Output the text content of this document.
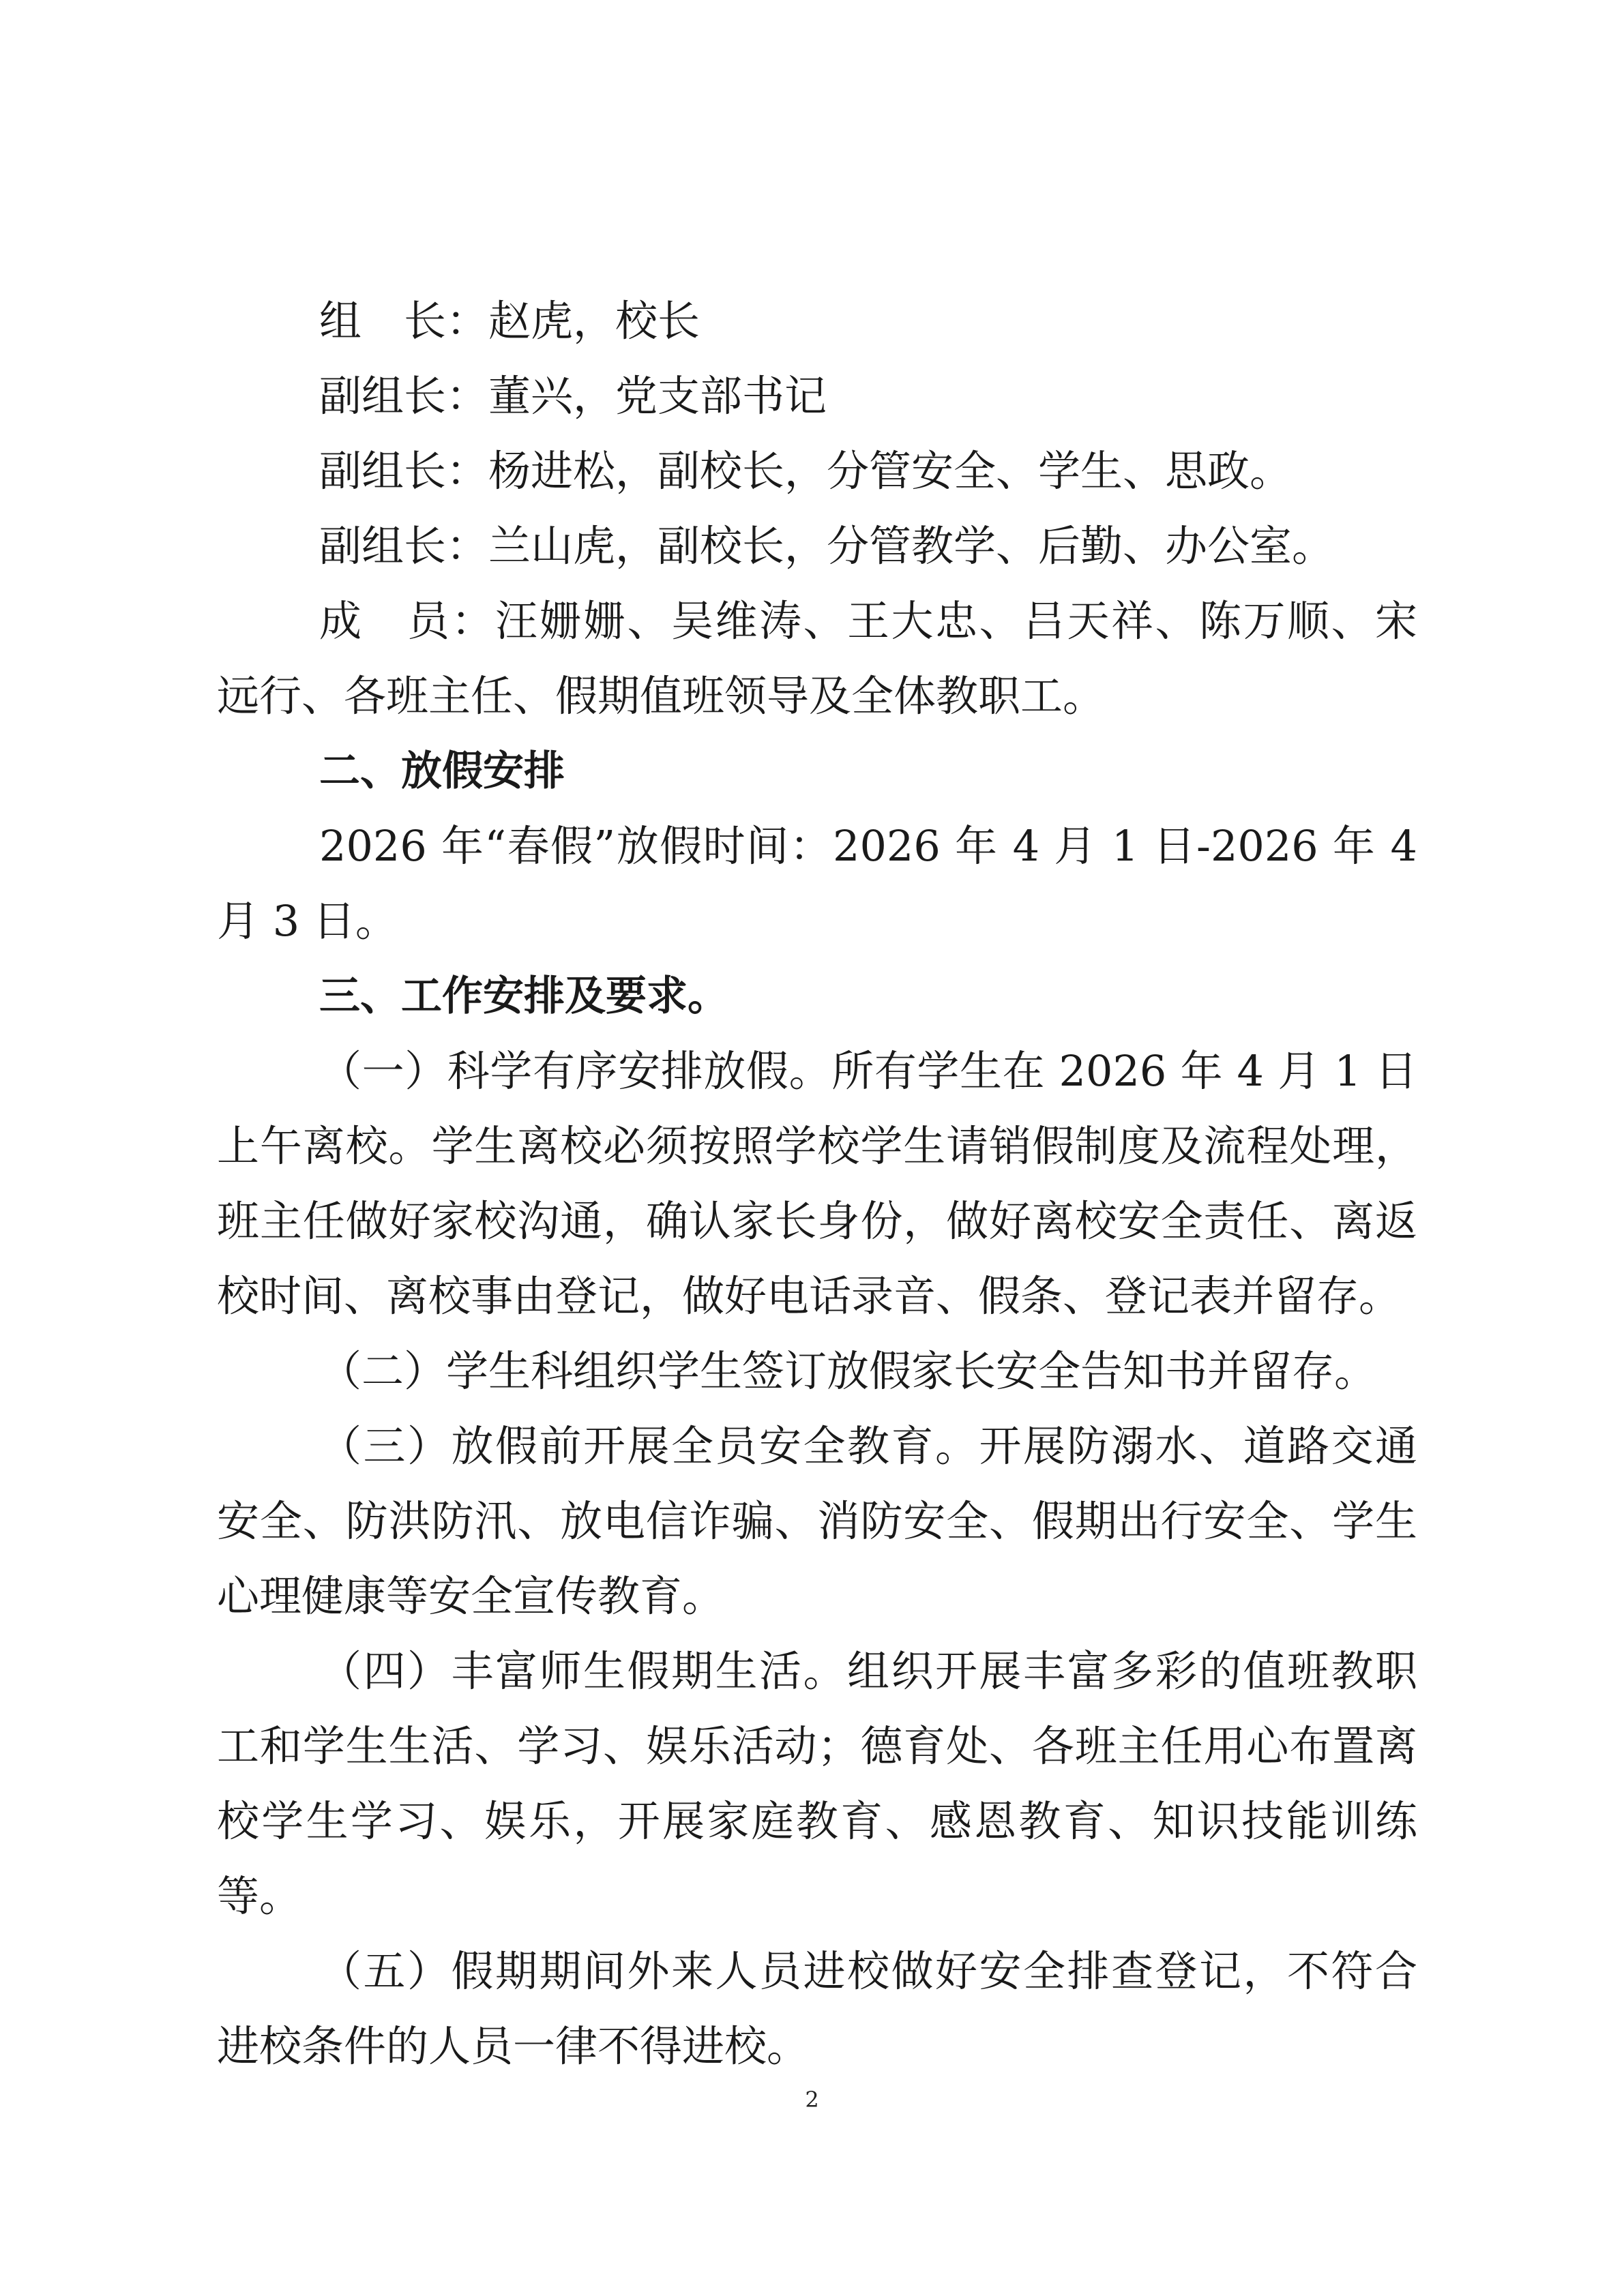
组　长：赵虎，校长

副组长：董兴，党支部书记

副组长：杨进松，副校长，分管安全、学生、思政。

副组长：兰山虎，副校长，分管教学、后勤、办公室。

成　员：汪姗姗、吴维涛、王大忠、吕天祥、陈万顺、宋远行、各班主任、假期值班领导及全体教职工。

二、放假安排

2026 年“春假”放假时间：2026 年 4 月 1 日-2026 年 4 月 3 日。

三、工作安排及要求。

（一）科学有序安排放假。所有学生在 2026 年 4 月 1 日上午离校。学生离校必须按照学校学生请销假制度及流程处理，班主任做好家校沟通，确认家长身份，做好离校安全责任、离返校时间、离校事由登记，做好电话录音、假条、登记表并留存。

（二）学生科组织学生签订放假家长安全告知书并留存。

（三）放假前开展全员安全教育。开展防溺水、道路交通安全、防洪防汛、放电信诈骗、消防安全、假期出行安全、学生心理健康等安全宣传教育。

（四）丰富师生假期生活。组织开展丰富多彩的值班教职工和学生生活、学习、娱乐活动；德育处、各班主任用心布置离校学生学习、娱乐，开展家庭教育、感恩教育、知识技能训练等。

（五）假期期间外来人员进校做好安全排查登记，不符合进校条件的人员一律不得进校。

2
